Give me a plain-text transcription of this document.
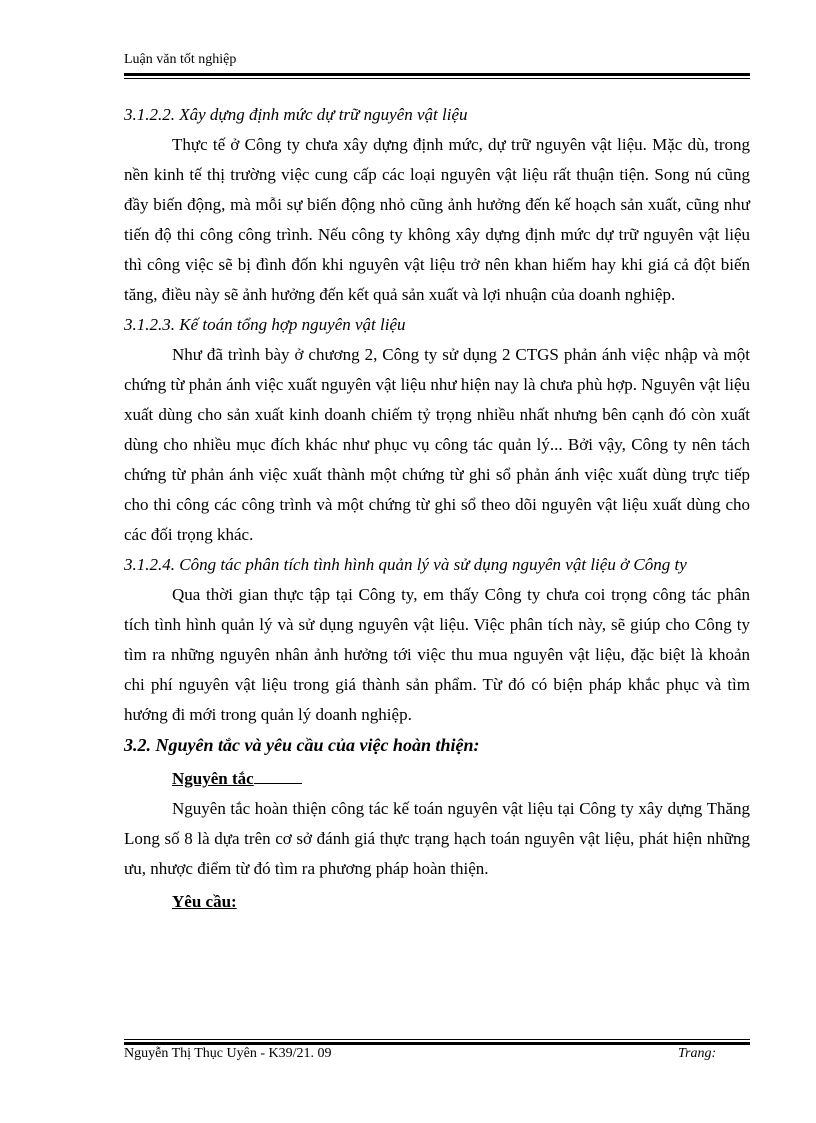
Luận văn tốt nghiệp

3.1.2.2. Xây dựng định mức dự trữ nguyên vật liệu

Thực tế ở Công ty chưa xây dựng định mức, dự trữ nguyên vật liệu. Mặc dù, trong nền kinh tế thị trường việc cung cấp các loại nguyên vật liệu rất thuận tiện. Song nú cũng đầy biến động, mà mỗi sự biến động nhỏ cũng ảnh hưởng đến kế hoạch sản xuất, cũng như tiến độ thi công công trình. Nếu công ty không xây dựng định mức dự trữ nguyên vật liệu thì công việc sẽ bị đình đốn khi nguyên vật liệu trở nên khan hiếm hay khi giá cả đột biến tăng, điều này sẽ ảnh hưởng đến kết quả sản xuất và lợi nhuận của doanh nghiệp.

3.1.2.3. Kế toán tổng hợp nguyên vật liệu

Như đã trình bày ở chương 2, Công ty sử dụng 2 CTGS phản ánh việc nhập và một chứng từ phản ánh việc xuất nguyên vật liệu như hiện nay là chưa phù hợp. Nguyên vật liệu xuất dùng cho sản xuất kinh doanh chiếm tỷ trọng nhiều nhất nhưng bên cạnh đó còn xuất dùng cho nhiều mục đích khác như phục vụ công tác quản lý... Bởi vậy, Công ty nên tách chứng từ phản ánh việc xuất thành một chứng từ ghi sổ phản ánh việc xuất dùng trực tiếp cho thi công các công trình và một chứng từ ghi sổ theo dõi nguyên vật liệu xuất dùng cho các đối trọng khác.

3.1.2.4. Công tác phân tích tình hình quản lý và sử dụng nguyên vật liệu ở Công ty

Qua thời gian thực tập tại Công ty, em thấy Công ty chưa coi trọng công tác phân tích tình hình quản lý và sử dụng nguyên vật liệu. Việc phân tích này, sẽ giúp cho Công ty tìm ra những nguyên nhân ảnh hưởng tới việc thu mua nguyên vật liệu, đặc biệt là khoản chi phí nguyên vật liệu trong giá thành sản phẩm. Từ đó có biện pháp khắc phục và tìm hướng đi mới trong quản lý doanh nghiệp.

3.2. Nguyên tắc và yêu cầu của việc hoàn thiện:

Nguyên tắc

Nguyên tắc hoàn thiện công tác kế toán nguyên vật liệu tại Công ty xây dựng Thăng Long số 8 là dựa trên cơ sở đánh giá thực trạng hạch toán nguyên vật liệu, phát hiện những ưu, nhược điểm từ đó tìm ra phương pháp hoàn thiện.

Yêu cầu:

Nguyễn Thị Thục Uyên - K39/21. 09	Trang:
